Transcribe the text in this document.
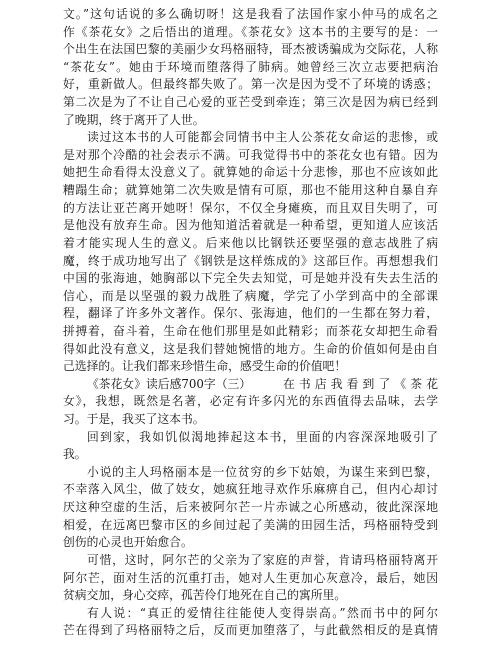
文。”这句话说的多么确切呀！这是我看了法国作家小仲马的成名之
作《茶花女》之后悟出的道理。《茶花女》这本书的主要写的是：一
个出生在法国巴黎的美丽少女玛格丽特，哥杰被诱骗成为交际花，人称
“茶花女”。她由于环境而堕落得了肺病。她曾经三次立志要把病治
好，重新做人。但最终都失败了。第一次是因为受不了环境的诱惑；
第二次是为了不让自己心爱的亚芒受到牵连；第三次是因为病已经到
了晚期，终于离开了人世。
读过这本书的人可能都会同情书中主人公茶花女命运的悲惨，或
是对那个冷酷的社会表示不满。可我觉得书中的茶花女也有错。因为
她把生命看得太没意义了。就算她的命运十分悲惨，那也不应该如此
糟蹋生命；就算她第二次失败是情有可原，那也不能用这种自暴自弃
的方法让亚芒离开她呀！保尔，不仅全身瘫痪，而且双目失明了，可
是他没有放弃生命。因为他知道活着就是一种希望，更知道人应该活
着才能实现人生的意义。后来他以比钢铁还要坚强的意志战胜了病
魔，终于成功地写出了《钢铁是这样炼成的》这部巨作。再想想我们
中国的张海迪，她胸部以下完全失去知觉，可是她并没有失去生活的
信心，而是以坚强的毅力战胜了病魔，学完了小学到高中的全部课
程，翻译了许多外文著作。保尔、张海迪，他们的一生都在努力着，
拼搏着，奋斗着，生命在他们那里是如此精彩；而茶花女却把生命看
得如此没有意义，这是我们替她惋惜的地方。生命的价值如何是由自
己选择的。让我们都来珍惜生命，感受生命的价值吧！
《茶花女》读后感700字（三）	在书店我看到了《茶花
女》，我想，既然是名著，必定有许多闪光的东西值得去品味，去学
习。于是，我买了这本书。
回到家，我如饥似渴地捧起这本书，里面的内容深深地吸引了
我。
小说的主人玛格丽本是一位贫穷的乡下姑娘，为谋生来到巴黎，
不幸落入风尘，做了妓女，她疯狂地寻欢作乐麻痹自己，但内心却讨
厌这种空虚的生活，后来被阿尔芒一片赤诚之心所感动，彼此深深地
相爱，在远离巴黎市区的乡间过起了美满的田园生活，玛格丽特受到
创伤的心灵也开始愈合。
可惜，这时，阿尔芒的父亲为了家庭的声誉，肯请玛格丽特离开
阿尔芒，面对生活的沉重打击，她对人生更加心灰意冷，最后，她因
贫病交加，身心交瘁，孤苦伶仃地死在自己的寓所里。
有人说：“真正的爱情往往能使人变得崇高。”然而书中的阿尔
芒在得到了玛格丽特之后，反而更加堕落了，与此截然相反的是真情
